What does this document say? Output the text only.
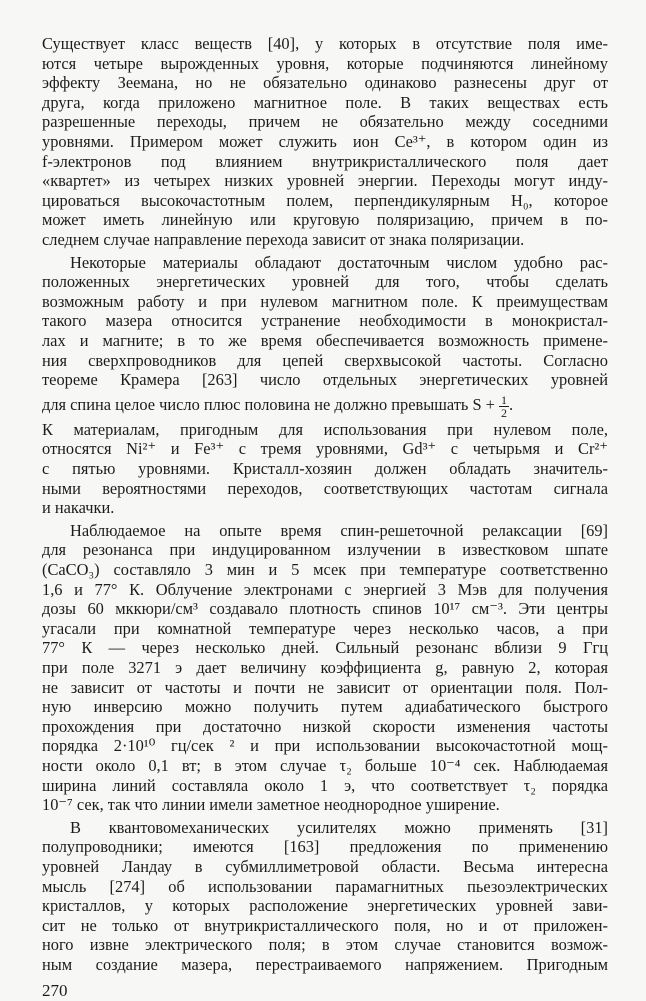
Существует класс веществ [40], у которых в отсутствие поля име-
ются четыре вырожденных уровня, которые подчиняются линейному
эффекту Зеемана, но не обязательно одинаково разнесены друг от
друга, когда приложено магнитное поле. В таких веществах есть
разрешенные переходы, причем не обязательно между соседними
уровнями. Примером может служить ион Ce³⁺, в котором один из
f-электронов под влиянием внутрикристаллического поля дает
«квартет» из четырех низких уровней энергии. Переходы могут инду-
цироваться высокочастотным полем, перпендикулярным H₀, которое
может иметь линейную или круговую поляризацию, причем в по-
следнем случае направление перехода зависит от знака поляризации.
Некоторые материалы обладают достаточным числом удобно рас-
положенных энергетических уровней для того, чтобы сделать
возможным работу и при нулевом магнитном поле. К преимуществам
такого мазера относится устранение необходимости в монокристал-
лах и магните; в то же время обеспечивается возможность примене-
ния сверхпроводников для цепей сверхвысокой частоты. Согласно
теореме Крамера [263] число отдельных энергетических уровней
для спина целое число плюс половина не должно превышать $S + \frac{1}{2}$ .
К материалам, пригодным для использования при нулевом поле,
относятся Ni²⁺ и Fe³⁺ с тремя уровнями, Gd³⁺ с четырьмя и Cr²⁺
с пятью уровнями. Кристалл-хозяин должен обладать значитель-
ными вероятностями переходов, соответствующих частотам сигнала
и накачки.
Наблюдаемое на опыте время спин-решеточной релаксации [69]
для резонанса при индуцированном излучении в известковом шпате
(CaCO₃) составляло 3 мин и 5 мсек при температуре соответственно
1,6 и 77° К. Облучение электронами с энергией 3 Мэв для получения
дозы 60 мккюри/см³ создавало плотность спинов 10¹⁷ см⁻³. Эти центры
угасали при комнатной температуре через несколько часов, а при
77° К — через несколько дней. Сильный резонанс вблизи 9 Ггц
при поле 3271 э дает величину коэффициента g, равную 2, которая
не зависит от частоты и почти не зависит от ориентации поля. Пол-
ную инверсию можно получить путем адиабатического быстрого
прохождения при достаточно низкой скорости изменения частоты
порядка 2·10¹⁰ гц/сек ² и при использовании высокочастотной мощ-
ности около 0,1 вт; в этом случае τ₂ больше 10⁻⁴ сек. Наблюдаемая
ширина линий составляла около 1 э, что соответствует τ₂ порядка
10⁻⁷ сек, так что линии имели заметное неоднородное уширение.
В квантовомеханических усилителях можно применять [31]
полупроводники; имеются [163] предложения по применению
уровней Ландау в субмиллиметровой области. Весьма интересна
мысль [274] об использовании парамагнитных пьезоэлектрических
кристаллов, у которых расположение энергетических уровней зави-
сит не только от внутрикристаллического поля, но и от приложен-
ного извне электрического поля; в этом случае становится возмож-
ным создание мазера, перестраиваемого напряжением. Пригодным
270
